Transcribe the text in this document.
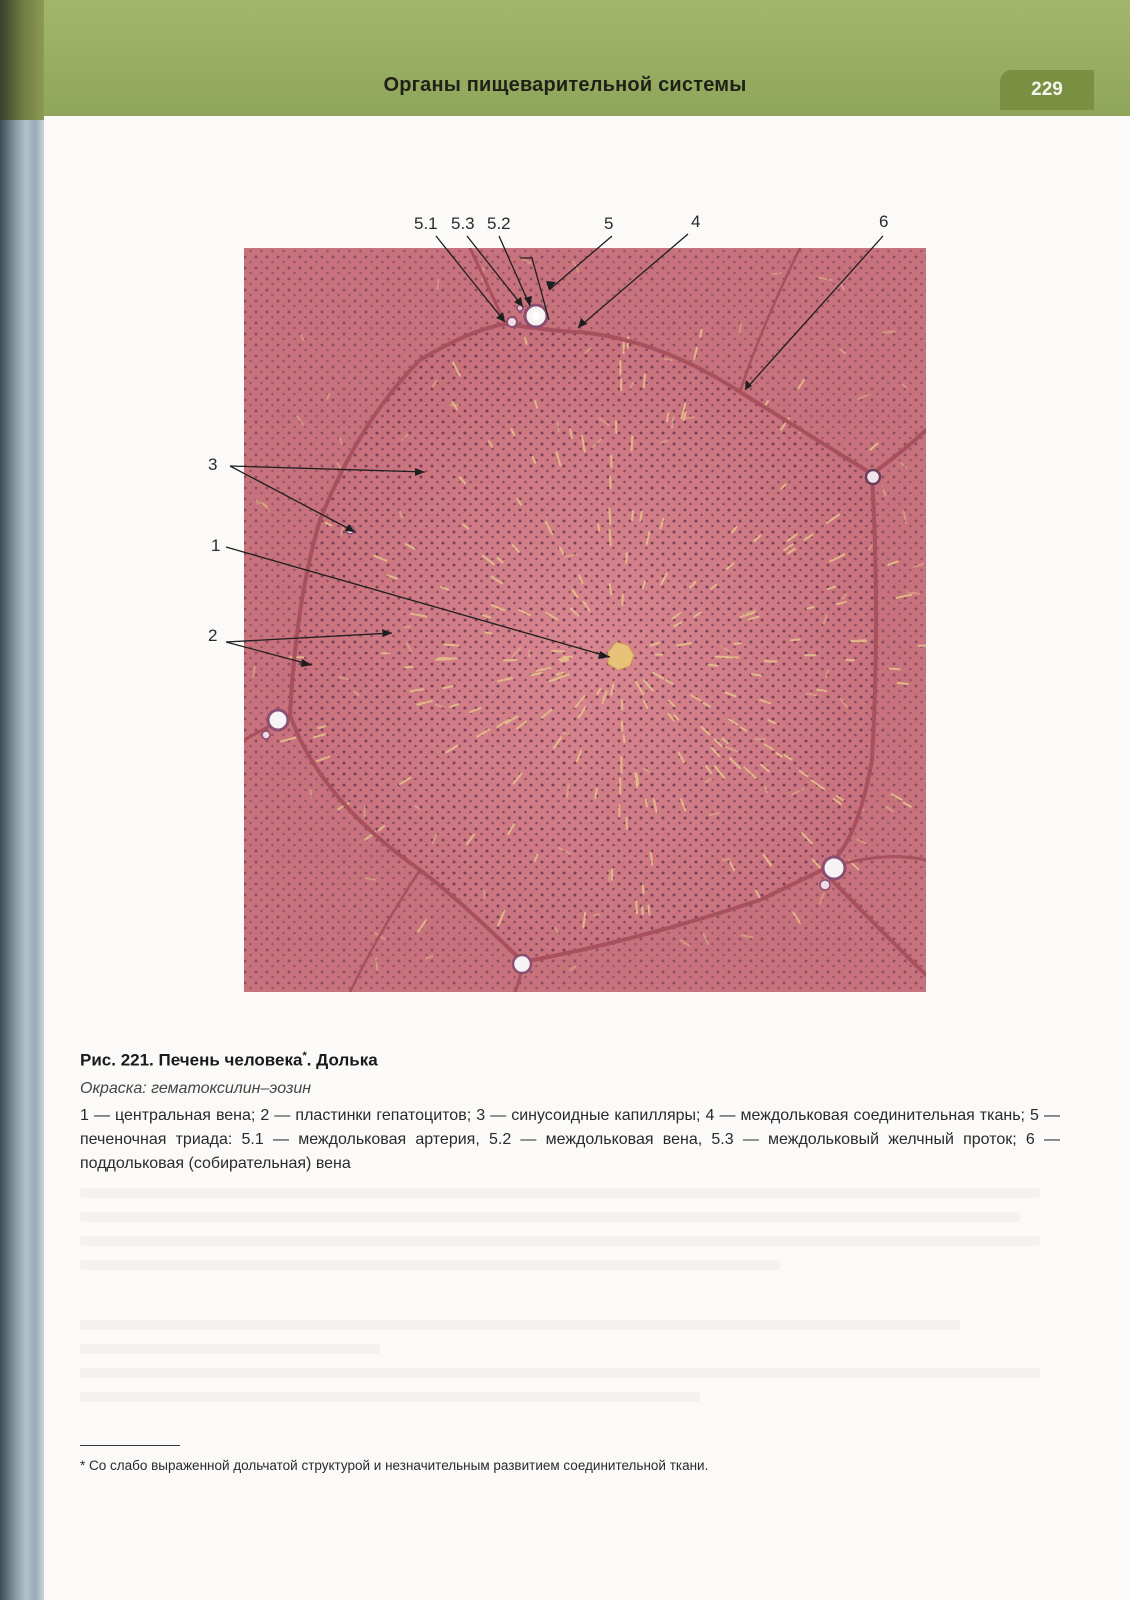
Органы пищеварительной системы	229
5.1 5.3 5.2	5	4	6
3
1
2
Рис. 221. Печень человека*. Долька
Окраска: гематоксилин–эозин
1 — центральная вена; 2 — пластинки гепатоцитов; 3 — синусоидные капилляры; 4 — междольковая соединительная ткань; 5 — печеночная триада: 5.1 — междольковая артерия, 5.2 — междольковая вена, 5.3 — междольковый желчный проток; 6 — поддольковая (собирательная) вена
* Со слабо выраженной дольчатой структурой и незначительным развитием соединительной ткани.
